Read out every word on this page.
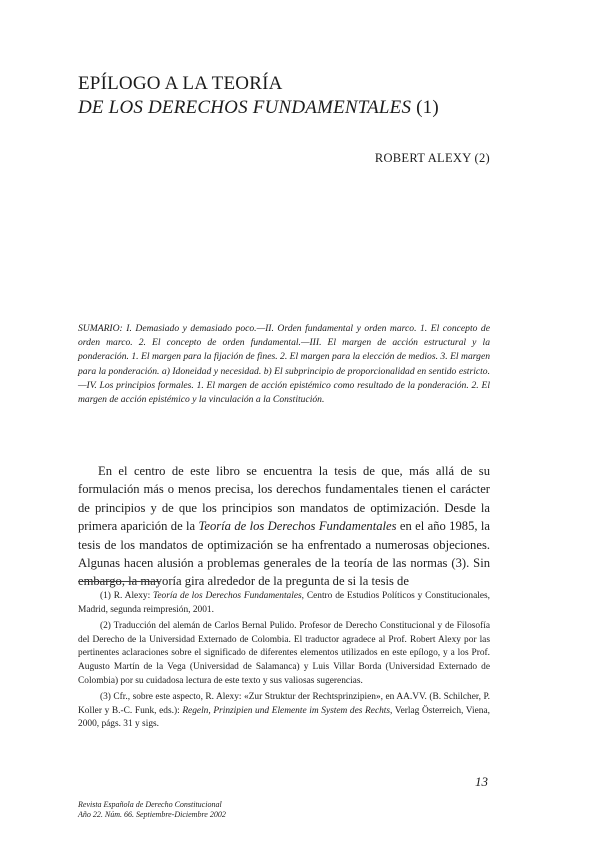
EPÍLOGO A LA TEORÍA
DE LOS DERECHOS FUNDAMENTALES (1)
ROBERT ALEXY (2)
SUMARIO: I. Demasiado y demasiado poco.—II. Orden fundamental y orden marco. 1. El concepto de orden marco. 2. El concepto de orden fundamental.—III. El margen de acción estructural y la ponderación. 1. El margen para la fijación de fines. 2. El margen para la elección de medios. 3. El margen para la ponderación. a) Idoneidad y necesidad. b) El subprincipio de proporcionalidad en sentido estricto.—IV. Los principios formales. 1. El margen de acción epistémico como resultado de la ponderación. 2. El margen de acción epistémico y la vinculación a la Constitución.

En el centro de este libro se encuentra la tesis de que, más allá de su formulación más o menos precisa, los derechos fundamentales tienen el carácter de principios y de que los principios son mandatos de optimización. Desde la primera aparición de la Teoría de los Derechos Fundamentales en el año 1985, la tesis de los mandatos de optimización se ha enfrentado a numerosas objeciones. Algunas hacen alusión a problemas generales de la teoría de las normas (3). Sin embargo, la mayoría gira alrededor de la pregunta de si la tesis de

(1) R. Alexy: Teoría de los Derechos Fundamentales, Centro de Estudios Políticos y Constitucionales, Madrid, segunda reimpresión, 2001.

(2) Traducción del alemán de Carlos Bernal Pulido. Profesor de Derecho Constitucional y de Filosofía del Derecho de la Universidad Externado de Colombia. El traductor agradece al Prof. Robert Alexy por las pertinentes aclaraciones sobre el significado de diferentes elementos utilizados en este epílogo, y a los Prof. Augusto Martín de la Vega (Universidad de Salamanca) y Luis Villar Borda (Universidad Externado de Colombia) por su cuidadosa lectura de este texto y sus valiosas sugerencias.

(3) Cfr., sobre este aspecto, R. Alexy: «Zur Struktur der Rechtsprinzipien», en AA.VV. (B. Schilcher, P. Koller y B.-C. Funk, eds.): Regeln, Prinzipien und Elemente im System des Rechts, Verlag Österreich, Viena, 2000, págs. 31 y sigs.

13
Revista Española de Derecho Constitucional
Año 22. Núm. 66. Septiembre-Diciembre 2002
